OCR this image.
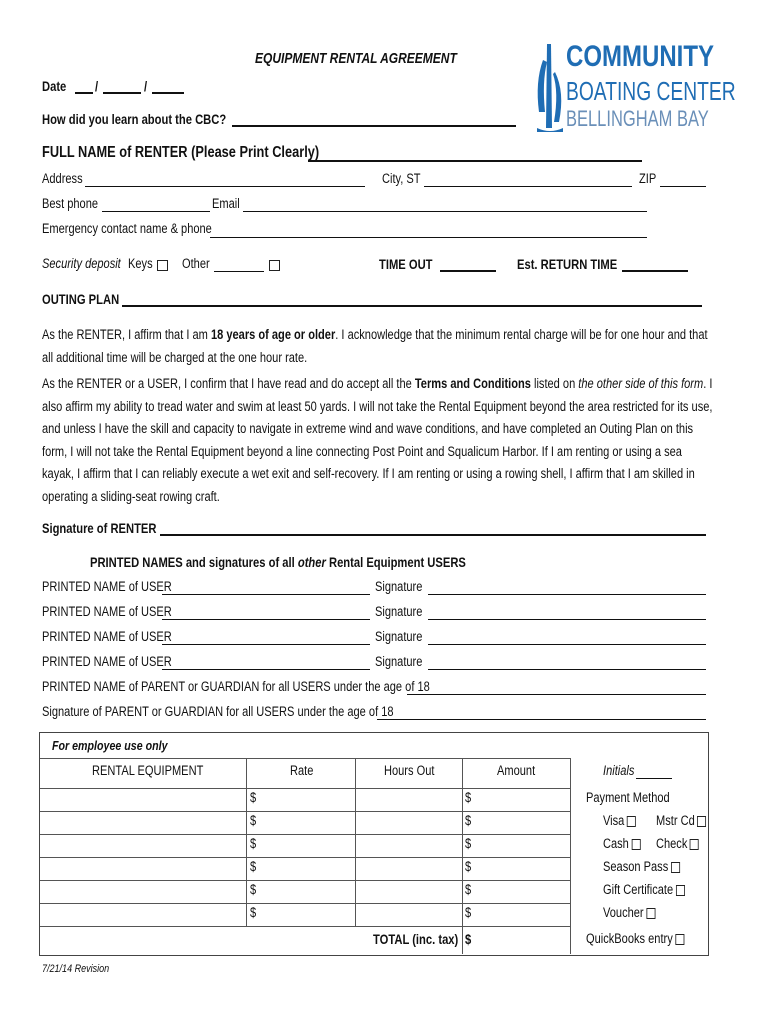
EQUIPMENT RENTAL AGREEMENT	COMMUNITY
BOATING CENTER
BELLINGHAM BAY
Date /	/
How did you learn about the CBC?
FULL NAME of RENTER (Please Print Clearly)
Address	City, ST	ZIP
Best phone	Email
Emergency contact name & phone
Security deposit Keys Other	TIME OUT	Est. RETURN TIME
OUTING PLAN
As the RENTER, I affirm that I am 18 years of age or older. I acknowledge that the minimum rental charge will be for one hour and that all additional time will be charged at the one hour rate.
As the RENTER or a USER, I confirm that I have read and do accept all the Terms and Conditions listed on the other side of this form. I also affirm my ability to tread water and swim at least 50 yards. I will not take the Rental Equipment beyond the area restricted for its use, and unless I have the skill and capacity to navigate in extreme wind and wave conditions, and have completed an Outing Plan on this form, I will not take the Rental Equipment beyond a line connecting Post Point and Squalicum Harbor. If I am renting or using a sea kayak, I affirm that I can reliably execute a wet exit and self-recovery. If I am renting or using a rowing shell, I affirm that I am skilled in operating a sliding-seat rowing craft.
Signature of RENTER
PRINTED NAMES and signatures of all other Rental Equipment USERS
PRINTED NAME of USER	Signature
PRINTED NAME of USER	Signature
PRINTED NAME of USER	Signature
PRINTED NAME of USER	Signature
PRINTED NAME of PARENT or GUARDIAN for all USERS under the age of 18
Signature of PARENT or GUARDIAN for all USERS under the age of 18
For employee use only
RENTAL EQUIPMENT	Rate	Hours Out	Amount
$	$
$	$
$	$
$	$
$	$
$	$
TOTAL (inc. tax) $
Initials
Payment Method
Visa	Mstr Cd
Cash	Check
Season Pass
Gift Certificate
Voucher
QuickBooks entry
7/21/14 Revision
